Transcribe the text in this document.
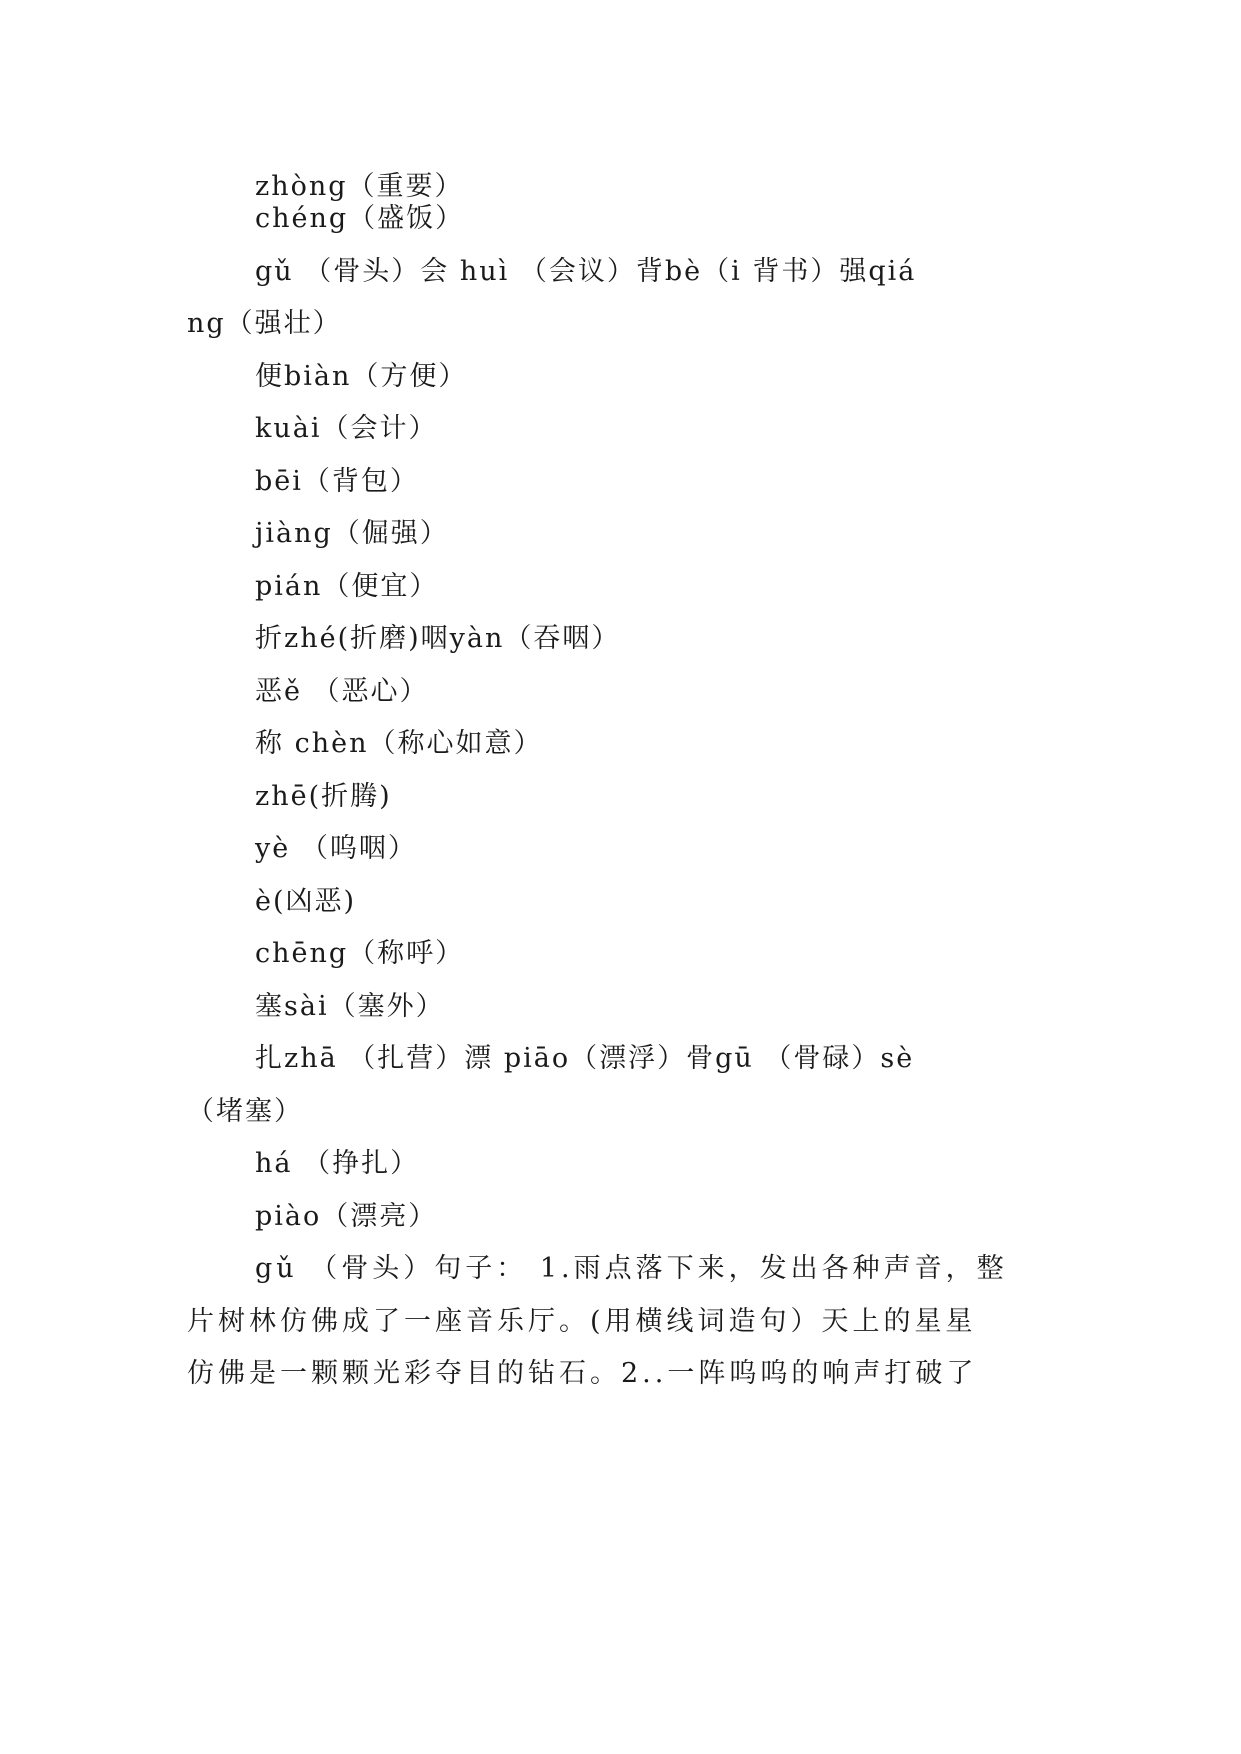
zhòng（重要）
chéng（盛饭）
gǔ （骨头）会 huì （会议）背bè（i 背书）强qiá
ng（强壮）
便biàn（方便）
kuài（会计）
bēi（背包）
jiàng（倔强）
pián（便宜）
折zhé(折磨)咽yàn（吞咽）
恶ě （恶心）
称 chèn（称心如意）
zhē(折腾)
yè （呜咽）
è(凶恶)
chēng（称呼）
塞sài（塞外）
扎zhā （扎营）漂 piāo（漂浮）骨gū （骨碌）sè
（堵塞）
há （挣扎）
piào（漂亮）
gǔ （骨头）句子： 1.雨点落下来，发出各种声音，整
片树林仿佛成了一座音乐厅。(用横线词造句）天上的星星
仿佛是一颗颗光彩夺目的钻石。2..一阵呜呜的响声打破了
